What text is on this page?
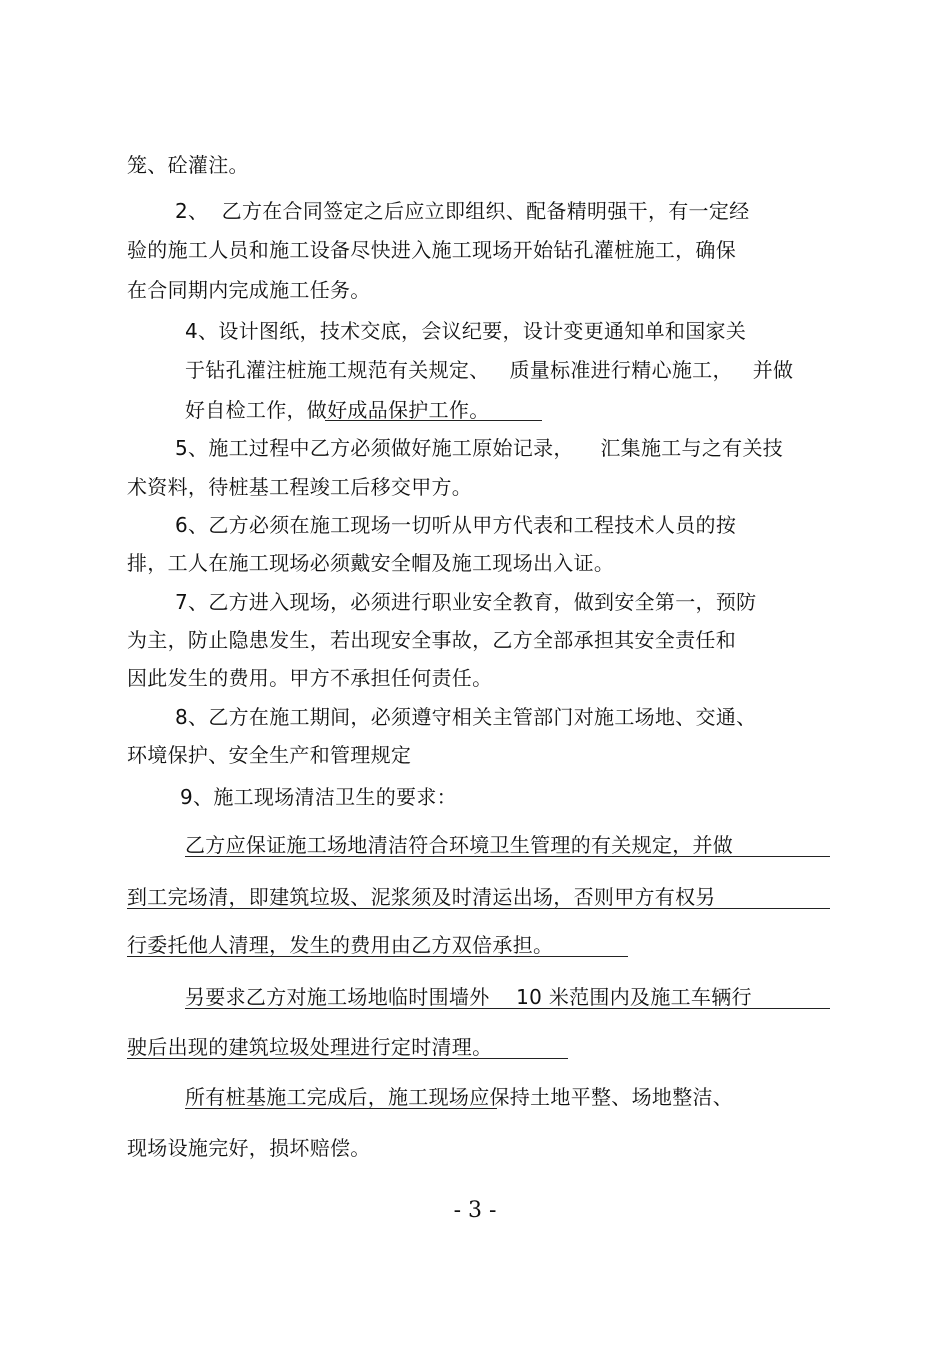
笼、砼灌注。
2、  乙方在合同签定之后应立即组织、配备精明强干，有一定经
验的施工人员和施工设备尽快进入施工现场开始钻孔灌桩施工，确保
在合同期内完成施工任务。
4、设计图纸，技术交底，会议纪要，设计变更通知单和国家关
于钻孔灌注桩施工规范有关规定、   质量标准进行精心施工，   并做
好自检工作，做好成品保护工作。
5、施工过程中乙方必须做好施工原始记录，    汇集施工与之有关技
术资料，待桩基工程竣工后移交甲方。
6、乙方必须在施工现场一切听从甲方代表和工程技术人员的按
排，工人在施工现场必须戴安全帽及施工现场出入证。
7、乙方进入现场，必须进行职业安全教育，做到安全第一，预防
为主，防止隐患发生，若出现安全事故，乙方全部承担其安全责任和
因此发生的费用。甲方不承担任何责任。
8、乙方在施工期间，必须遵守相关主管部门对施工场地、交通、
环境保护、安全生产和管理规定
9、施工现场清洁卫生的要求：
乙方应保证施工场地清洁符合环境卫生管理的有关规定，并做
到工完场清，即建筑垃圾、泥浆须及时清运出场，否则甲方有权另
行委托他人清理，发生的费用由乙方双倍承担。
另要求乙方对施工场地临时围墙外    10 米范围内及施工车辆行
驶后出现的建筑垃圾处理进行定时清理。
所有桩基施工完成后，施工现场应保持土地平整、场地整洁、
现场设施完好，损坏赔偿。
- 3 -
